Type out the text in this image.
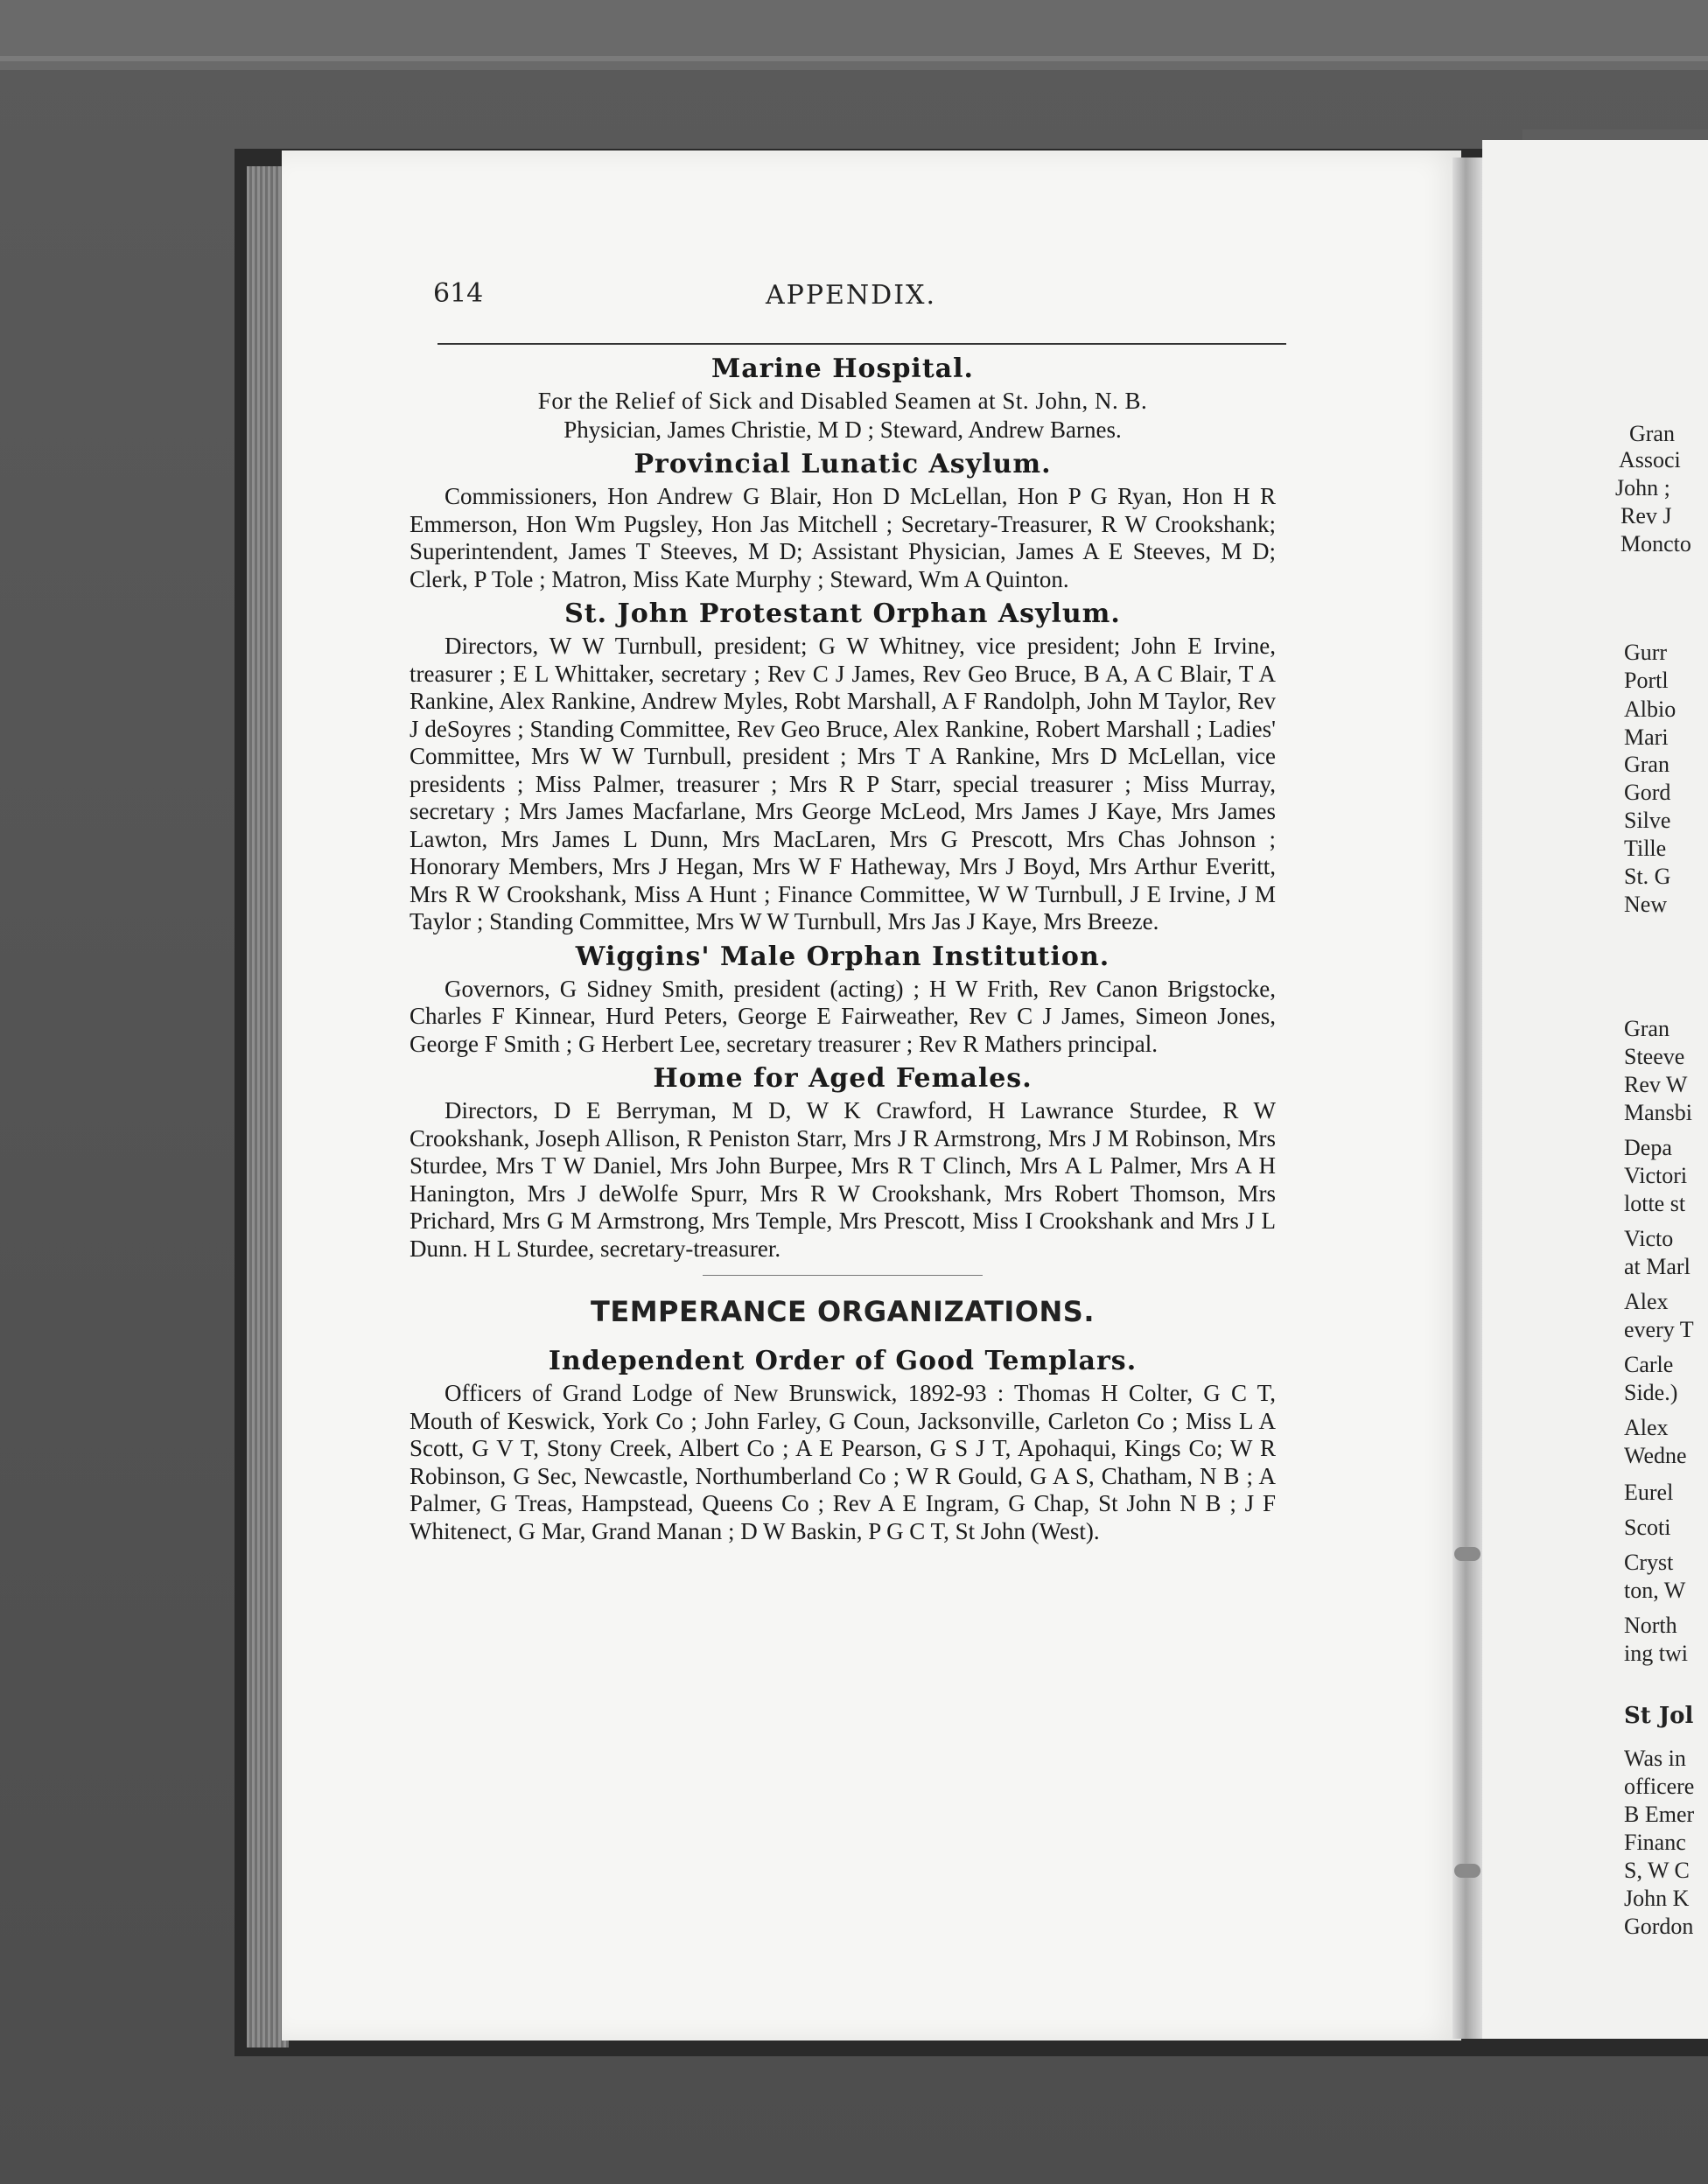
614	APPENDIX.
Marine Hospital.
For the Relief of Sick and Disabled Seamen at St. John, N. B.
Physician, James Christie, M D ; Steward, Andrew Barnes.
Provincial Lunatic Asylum.

Commissioners, Hon Andrew G Blair, Hon D McLellan, Hon P G Ryan, Hon H R Emmerson, Hon Wm Pugsley, Hon Jas Mitchell ; Secretary-Treasurer, R W Crookshank; Superintendent, James T Steeves, M D; Assistant Physician, James A E Steeves, M D; Clerk, P Tole ; Matron, Miss Kate Murphy ; Steward, Wm A Quinton.

St. John Protestant Orphan Asylum.

Directors, W W Turnbull, president; G W Whitney, vice president; John E Irvine, treasurer ; E L Whittaker, secretary ; Rev C J James, Rev Geo Bruce, B A, A C Blair, T A Rankine, Alex Rankine, Andrew Myles, Robt Marshall, A F Randolph, John M Taylor, Rev J deSoyres ; Standing Committee, Rev Geo Bruce, Alex Rankine, Robert Marshall ; Ladies' Committee, Mrs W W Turnbull, president ; Mrs T A Rankine, Mrs D McLellan, vice presidents ; Miss Palmer, treasurer ; Mrs R P Starr, special treasurer ; Miss Murray, secretary ; Mrs James Macfarlane, Mrs George McLeod, Mrs James J Kaye, Mrs James Lawton, Mrs James L Dunn, Mrs MacLaren, Mrs G Prescott, Mrs Chas Johnson ; Honorary Members, Mrs J Hegan, Mrs W F Hatheway, Mrs J Boyd, Mrs Arthur Everitt, Mrs R W Crookshank, Miss A Hunt ; Finance Committee, W W Turnbull, J E Irvine, J M Taylor ; Standing Committee, Mrs W W Turnbull, Mrs Jas J Kaye, Mrs Breeze.

Wiggins' Male Orphan Institution.

Governors, G Sidney Smith, president (acting) ; H W Frith, Rev Canon Brigstocke, Charles F Kinnear, Hurd Peters, George E Fairweather, Rev C J James, Simeon Jones, George F Smith ; G Herbert Lee, secretary treasurer ; Rev R Mathers principal.

Home for Aged Females.

Directors, D E Berryman, M D, W K Crawford, H Lawrance Sturdee, R W Crookshank, Joseph Allison, R Peniston Starr, Mrs J R Armstrong, Mrs J M Robinson, Mrs Sturdee, Mrs T W Daniel, Mrs John Burpee, Mrs R T Clinch, Mrs A L Palmer, Mrs A H Hanington, Mrs J deWolfe Spurr, Mrs R W Crookshank, Mrs Robert Thomson, Mrs Prichard, Mrs G M Armstrong, Mrs Temple, Mrs Prescott, Miss I Crookshank and Mrs J L Dunn. H L Sturdee, secretary-treasurer.

TEMPERANCE ORGANIZATIONS.
Independent Order of Good Templars.

Officers of Grand Lodge of New Brunswick, 1892-93 : Thomas H Colter, G C T, Mouth of Keswick, York Co ; John Farley, G Coun, Jacksonville, Carleton Co ; Miss L A Scott, G V T, Stony Creek, Albert Co ; A E Pearson, G S J T, Apohaqui, Kings Co; W R Robinson, G Sec, Newcastle, Northumberland Co ; W R Gould, G A S, Chatham, N B ; A Palmer, G Treas, Hampstead, Queens Co ; Rev A E Ingram, G Chap, St John N B ; J F Whitenect, G Mar, Grand Manan ; D W Baskin, P G C T, St John (West).

Gran
Associ
John ;
Rev J
Moncto
Gurr
Portl
Albio
Mari
Gran
Gord
Silve
Tille
St. G
New
Gran
Steeve
Rev W
Mansbi
Depa
Victori
lotte st
Victo
at Marl
Alex
every T
Carle
Side.)
Alex
Wedne
Eurel
Scoti
Cryst
ton, W
North
ing twi
St Jol
Was in
officere
B Emer
Financ
S, W C
John K
Gordon
